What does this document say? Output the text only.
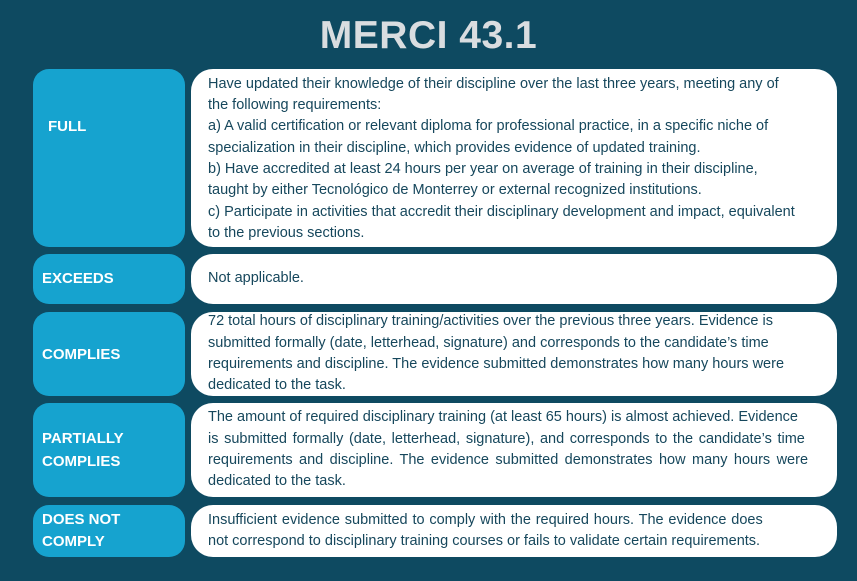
MERCI 43.1
FULL
Have updated their knowledge of their discipline over the last three years, meeting any of
the following requirements:
a) A valid certification or relevant diploma for professional practice, in a specific niche of
specialization in their discipline, which provides evidence of updated training.
b) Have accredited at least 24 hours per year on average of training in their discipline,
taught by either Tecnológico de Monterrey or external recognized institutions.
c) Participate in activities that accredit their disciplinary development and impact, equivalent
to the previous sections.
EXCEEDS	Not applicable.
COMPLIES
72 total hours of disciplinary training/activities over the previous three years. Evidence is
submitted formally (date, letterhead, signature) and corresponds to the candidate’s time
requirements and discipline. The evidence submitted demonstrates how many hours were
dedicated to the task.
PARTIALLY
COMPLIES
The amount of required disciplinary training (at least 65 hours) is almost achieved. Evidence
is submitted formally (date, letterhead, signature), and corresponds to the candidate’s time
requirements and discipline. The evidence submitted demonstrates how many hours were
dedicated to the task.
DOES NOT
COMPLY
Insufficient evidence submitted to comply with the required hours. The evidence does
not correspond to disciplinary training courses or fails to validate certain requirements.
